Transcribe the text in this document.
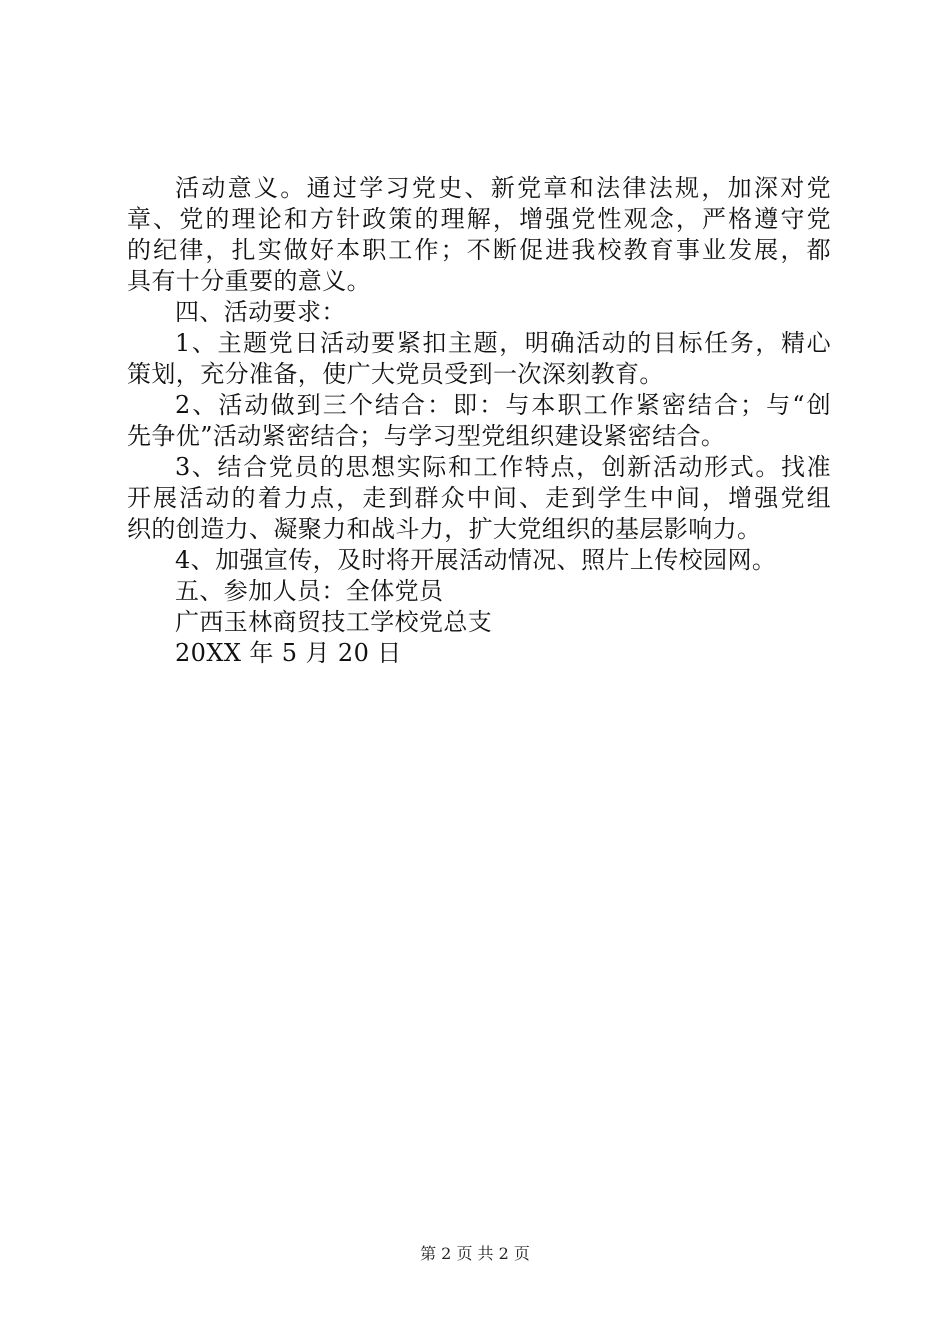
活动意义。通过学习党史、新党章和法律法规，加深对党
章、党的理论和方针政策的理解，增强党性观念，严格遵守党
的纪律，扎实做好本职工作；不断促进我校教育事业发展，都
具有十分重要的意义。
四、活动要求：
1、主题党日活动要紧扣主题，明确活动的目标任务，精心
策划，充分准备，使广大党员受到一次深刻教育。
2、活动做到三个结合：即：与本职工作紧密结合；与“创
先争优”活动紧密结合；与学习型党组织建设紧密结合。
3、结合党员的思想实际和工作特点，创新活动形式。找准
开展活动的着力点，走到群众中间、走到学生中间，增强党组
织的创造力、凝聚力和战斗力，扩大党组织的基层影响力。
4、加强宣传，及时将开展活动情况、照片上传校园网。
五、参加人员：全体党员
广西玉林商贸技工学校党总支
20XX 年 5 月 20 日
第 2 页 共 2 页
